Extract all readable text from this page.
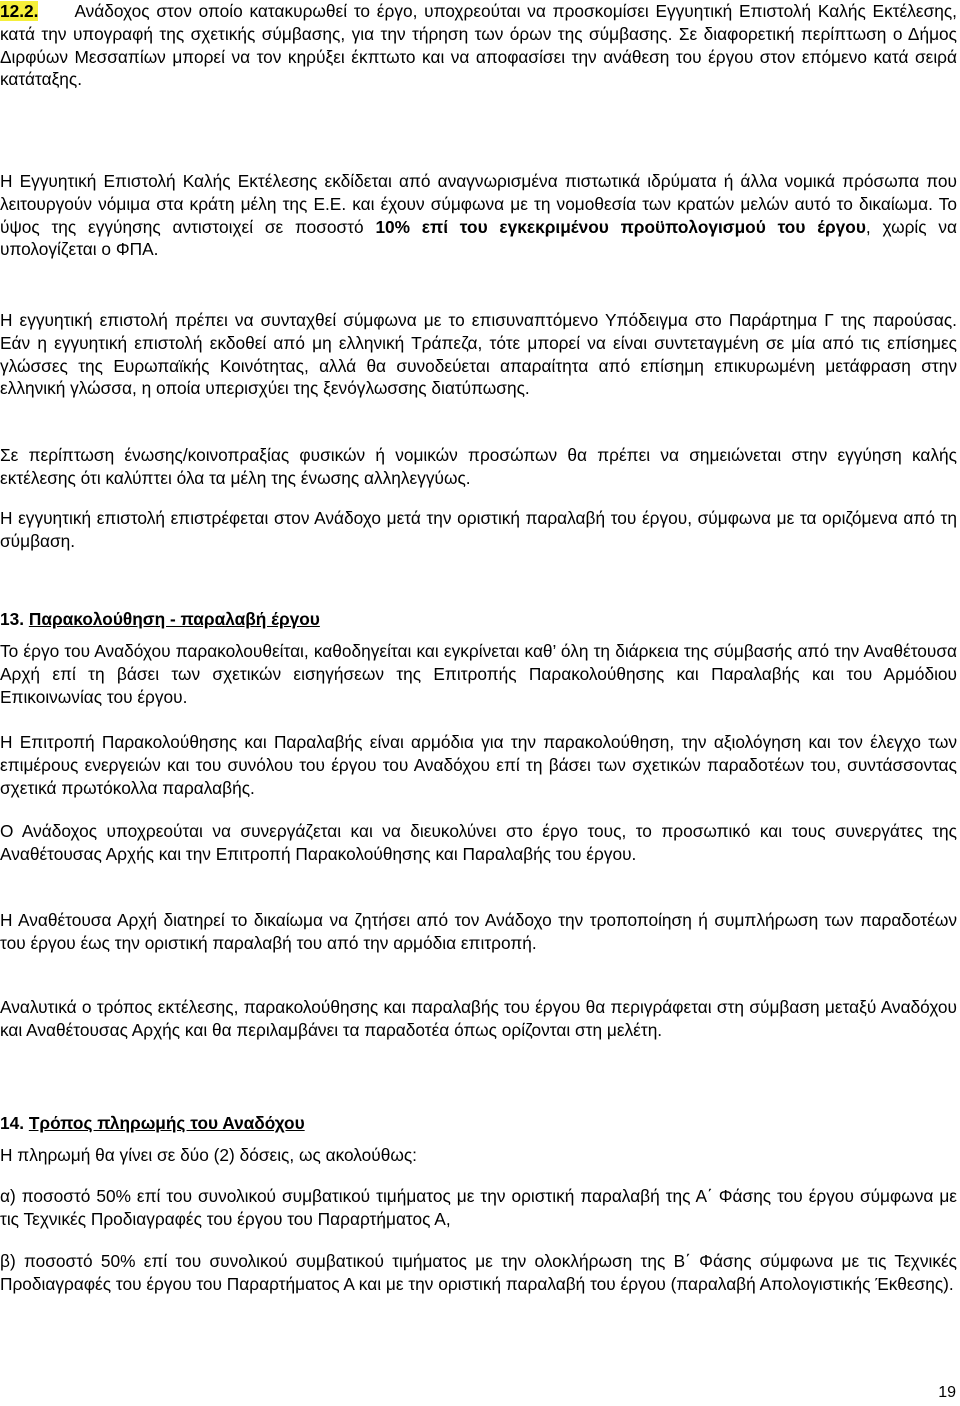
12.2. Ανάδοχος στον οποίο κατακυρωθεί το έργο, υποχρεούται να προσκομίσει Εγγυητική Επιστολή Καλής Εκτέλεσης, κατά την υπογραφή της σχετικής σύμβασης, για την τήρηση των όρων της σύμβασης. Σε διαφορετική περίπτωση ο Δήμος Διρφύων Μεσσαπίων μπορεί να τον κηρύξει έκπτωτο και να αποφασίσει την ανάθεση του έργου στον επόμενο κατά σειρά κατάταξης.

Η Εγγυητική Επιστολή Καλής Εκτέλεσης εκδίδεται από αναγνωρισμένα πιστωτικά ιδρύματα ή άλλα νομικά πρόσωπα που λειτουργούν νόμιμα στα κράτη μέλη της Ε.Ε. και έχουν σύμφωνα με τη νομοθεσία των κρατών μελών αυτό το δικαίωμα. Το ύψος της εγγύησης αντιστοιχεί σε ποσοστό 10% επί του εγκεκριμένου προϋπολογισμού του έργου, χωρίς να υπολογίζεται ο ΦΠΑ.

Η εγγυητική επιστολή πρέπει να συνταχθεί σύμφωνα με το επισυναπτόμενο Υπόδειγμα στο Παράρτημα Γ της παρούσας. Εάν η εγγυητική επιστολή εκδοθεί από μη ελληνική Τράπεζα, τότε μπορεί να είναι συντεταγμένη σε μία από τις επίσημες γλώσσες της Ευρωπαϊκής Κοινότητας, αλλά θα συνοδεύεται απαραίτητα από επίσημη επικυρωμένη μετάφραση στην ελληνική γλώσσα, η οποία υπερισχύει της ξενόγλωσσης διατύπωσης.

Σε περίπτωση ένωσης/κοινοπραξίας φυσικών ή νομικών προσώπων θα πρέπει να σημειώνεται στην εγγύηση καλής εκτέλεσης ότι καλύπτει όλα τα μέλη της ένωσης αλληλεγγύως.

Η εγγυητική επιστολή επιστρέφεται στον Ανάδοχο μετά την οριστική παραλαβή του έργου, σύμφωνα με τα οριζόμενα από τη σύμβαση.

13. Παρακολούθηση - παραλαβή έργου

Το έργο του Αναδόχου παρακολουθείται, καθοδηγείται και εγκρίνεται καθ’ όλη τη διάρκεια της σύμβασής από την Αναθέτουσα Αρχή επί τη βάσει των σχετικών εισηγήσεων της Επιτροπής Παρακολούθησης και Παραλαβής και του Αρμόδιου Επικοινωνίας του έργου.

Η Επιτροπή Παρακολούθησης και Παραλαβής είναι αρμόδια για την παρακολούθηση, την αξιολόγηση και τον έλεγχο των επιμέρους ενεργειών και του συνόλου του έργου του Αναδόχου επί τη βάσει των σχετικών παραδοτέων του, συντάσσοντας σχετικά πρωτόκολλα παραλαβής.

Ο Ανάδοχος υποχρεούται να συνεργάζεται και να διευκολύνει στο έργο τους, το προσωπικό και τους συνεργάτες της Αναθέτουσας Αρχής και την Επιτροπή Παρακολούθησης και Παραλαβής του έργου.

Η Αναθέτουσα Αρχή διατηρεί το δικαίωμα να ζητήσει από τον Ανάδοχο την τροποποίηση ή συμπλήρωση των παραδοτέων του έργου έως την οριστική παραλαβή του από την αρμόδια επιτροπή.

Αναλυτικά ο τρόπος εκτέλεσης, παρακολούθησης και παραλαβής του έργου θα περιγράφεται στη σύμβαση μεταξύ Αναδόχου και Αναθέτουσας Αρχής και θα περιλαμβάνει τα παραδοτέα όπως ορίζονται στη μελέτη.

14. Τρόπος πληρωμής του Αναδόχου

Η πληρωμή θα γίνει σε δύο (2) δόσεις, ως ακολούθως:

α) ποσοστό 50% επί του συνολικού συμβατικού τιμήματος με την οριστική παραλαβή της Α΄ Φάσης του έργου σύμφωνα με τις Τεχνικές Προδιαγραφές του έργου του Παραρτήματος Α,

β) ποσοστό 50% επί του συνολικού συμβατικού τιμήματος με την ολοκλήρωση της Β΄ Φάσης σύμφωνα με τις Τεχνικές Προδιαγραφές του έργου του Παραρτήματος Α και με την οριστική παραλαβή του έργου (παραλαβή Απολογιστικής Έκθεσης).

19
